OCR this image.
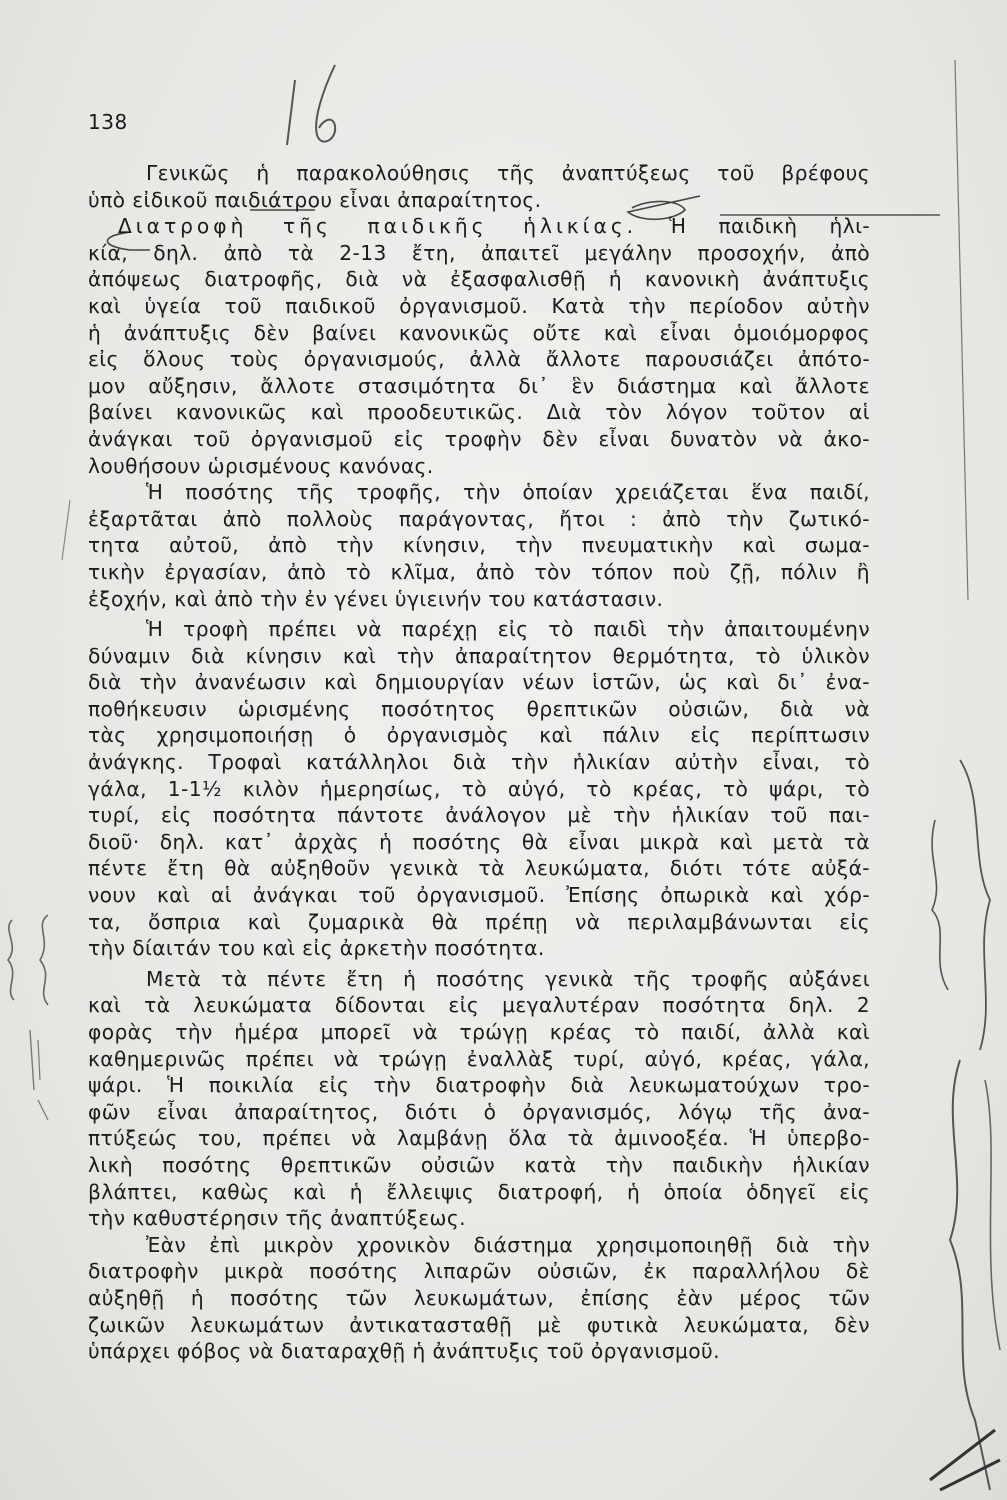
138

Γενικῶς ἡ παρακολούθησις τῆς ἀναπτύξεως τοῦ βρέφους
ὑπὸ εἰδικοῦ παιδιάτρου εἶναι ἀπαραίτητος.

Διατροφὴ τῆς παιδικῆς ἡλικίας. Ἡ παιδικὴ ἡλι-
κία, δηλ. ἀπὸ τὰ 2-13 ἔτη, ἀπαιτεῖ μεγάλην προσοχήν, ἀπὸ
ἀπόψεως διατροφῆς, διὰ νὰ ἐξασφαλισθῇ ἡ κανονικὴ ἀνάπτυξις
καὶ ὑγεία τοῦ παιδικοῦ ὀργανισμοῦ. Κατὰ τὴν περίοδον αὐτὴν
ἡ ἀνάπτυξις δὲν βαίνει κανονικῶς οὔτε καὶ εἶναι ὁμοιόμορφος
εἰς ὅλους τοὺς ὀργανισμούς, ἀλλὰ ἄλλοτε παρουσιάζει ἀπότο-
μον αὔξησιν, ἄλλοτε στασιμότητα δι᾽ ἓν διάστημα καὶ ἄλλοτε
βαίνει κανονικῶς καὶ προοδευτικῶς. Διὰ τὸν λόγον τοῦτον αἱ
ἀνάγκαι τοῦ ὀργανισμοῦ εἰς τροφὴν δὲν εἶναι δυνατὸν νὰ ἀκο-
λουθήσουν ὡρισμένους κανόνας.

Ἡ ποσότης τῆς τροφῆς, τὴν ὁποίαν χρειάζεται ἕνα παιδί,
ἐξαρτᾶται ἀπὸ πολλοὺς παράγοντας, ἤτοι : ἀπὸ τὴν ζωτικό-
τητα αὐτοῦ, ἀπὸ τὴν κίνησιν, τὴν πνευματικὴν καὶ σωμα-
τικὴν ἐργασίαν, ἀπὸ τὸ κλῖμα, ἀπὸ τὸν τόπον ποὺ ζῇ, πόλιν ἢ
ἐξοχήν, καὶ ἀπὸ τὴν ἐν γένει ὑγιεινήν του κατάστασιν.

Ἡ τροφὴ πρέπει νὰ παρέχῃ εἰς τὸ παιδὶ τὴν ἀπαιτουμένην
δύναμιν διὰ κίνησιν καὶ τὴν ἀπαραίτητον θερμότητα, τὸ ὑλικὸν
διὰ τὴν ἀνανέωσιν καὶ δημιουργίαν νέων ἱστῶν, ὡς καὶ δι᾽ ἐνα-
ποθήκευσιν ὡρισμένης ποσότητος θρεπτικῶν οὐσιῶν, διὰ νὰ
τὰς χρησιμοποιήσῃ ὁ ὀργανισμὸς καὶ πάλιν εἰς περίπτωσιν
ἀνάγκης. Τροφαὶ κατάλληλοι διὰ τὴν ἡλικίαν αὐτὴν εἶναι, τὸ
γάλα, 1-1½ κιλὸν ἡμερησίως, τὸ αὐγό, τὸ κρέας, τὸ ψάρι, τὸ
τυρί, εἰς ποσότητα πάντοτε ἀνάλογον μὲ τὴν ἡλικίαν τοῦ παι-
διοῦ· δηλ. κατ᾽ ἀρχὰς ἡ ποσότης θὰ εἶναι μικρὰ καὶ μετὰ τὰ
πέντε ἔτη θὰ αὐξηθοῦν γενικὰ τὰ λευκώματα, διότι τότε αὐξά-
νουν καὶ αἱ ἀνάγκαι τοῦ ὀργανισμοῦ. Ἐπίσης ὀπωρικὰ καὶ χόρ-
τα, ὄσπρια καὶ ζυμαρικὰ θὰ πρέπῃ νὰ περιλαμβάνωνται εἰς
τὴν δίαιτάν του καὶ εἰς ἀρκετὴν ποσότητα.

Μετὰ τὰ πέντε ἔτη ἡ ποσότης γενικὰ τῆς τροφῆς αὐξάνει
καὶ τὰ λευκώματα δίδονται εἰς μεγαλυτέραν ποσότητα δηλ. 2
φορὰς τὴν ἡμέρα μπορεῖ νὰ τρώγῃ κρέας τὸ παιδί, ἀλλὰ καὶ
καθημερινῶς πρέπει νὰ τρώγῃ ἐναλλὰξ τυρί, αὐγό, κρέας, γάλα,
ψάρι. Ἡ ποικιλία εἰς τὴν διατροφὴν διὰ λευκωματούχων τρο-
φῶν εἶναι ἀπαραίτητος, διότι ὁ ὀργανισμός, λόγῳ τῆς ἀνα-
πτύξεώς του, πρέπει νὰ λαμβάνῃ ὅλα τὰ ἀμινοοξέα. Ἡ ὑπερβο-
λικὴ ποσότης θρεπτικῶν οὐσιῶν κατὰ τὴν παιδικὴν ἡλικίαν
βλάπτει, καθὼς καὶ ἡ ἔλλειψις διατροφή, ἡ ὁποία ὁδηγεῖ εἰς
τὴν καθυστέρησιν τῆς ἀναπτύξεως.

Ἐὰν ἐπὶ μικρὸν χρονικὸν διάστημα χρησιμοποιηθῇ διὰ τὴν
διατροφὴν μικρὰ ποσότης λιπαρῶν οὐσιῶν, ἐκ παραλλήλου δὲ
αὐξηθῇ ἡ ποσότης τῶν λευκωμάτων, ἐπίσης ἐὰν μέρος τῶν
ζωικῶν λευκωμάτων ἀντικατασταθῇ μὲ φυτικὰ λευκώματα, δὲν
ὑπάρχει φόβος νὰ διαταραχθῇ ἡ ἀνάπτυξις τοῦ ὀργανισμοῦ.
